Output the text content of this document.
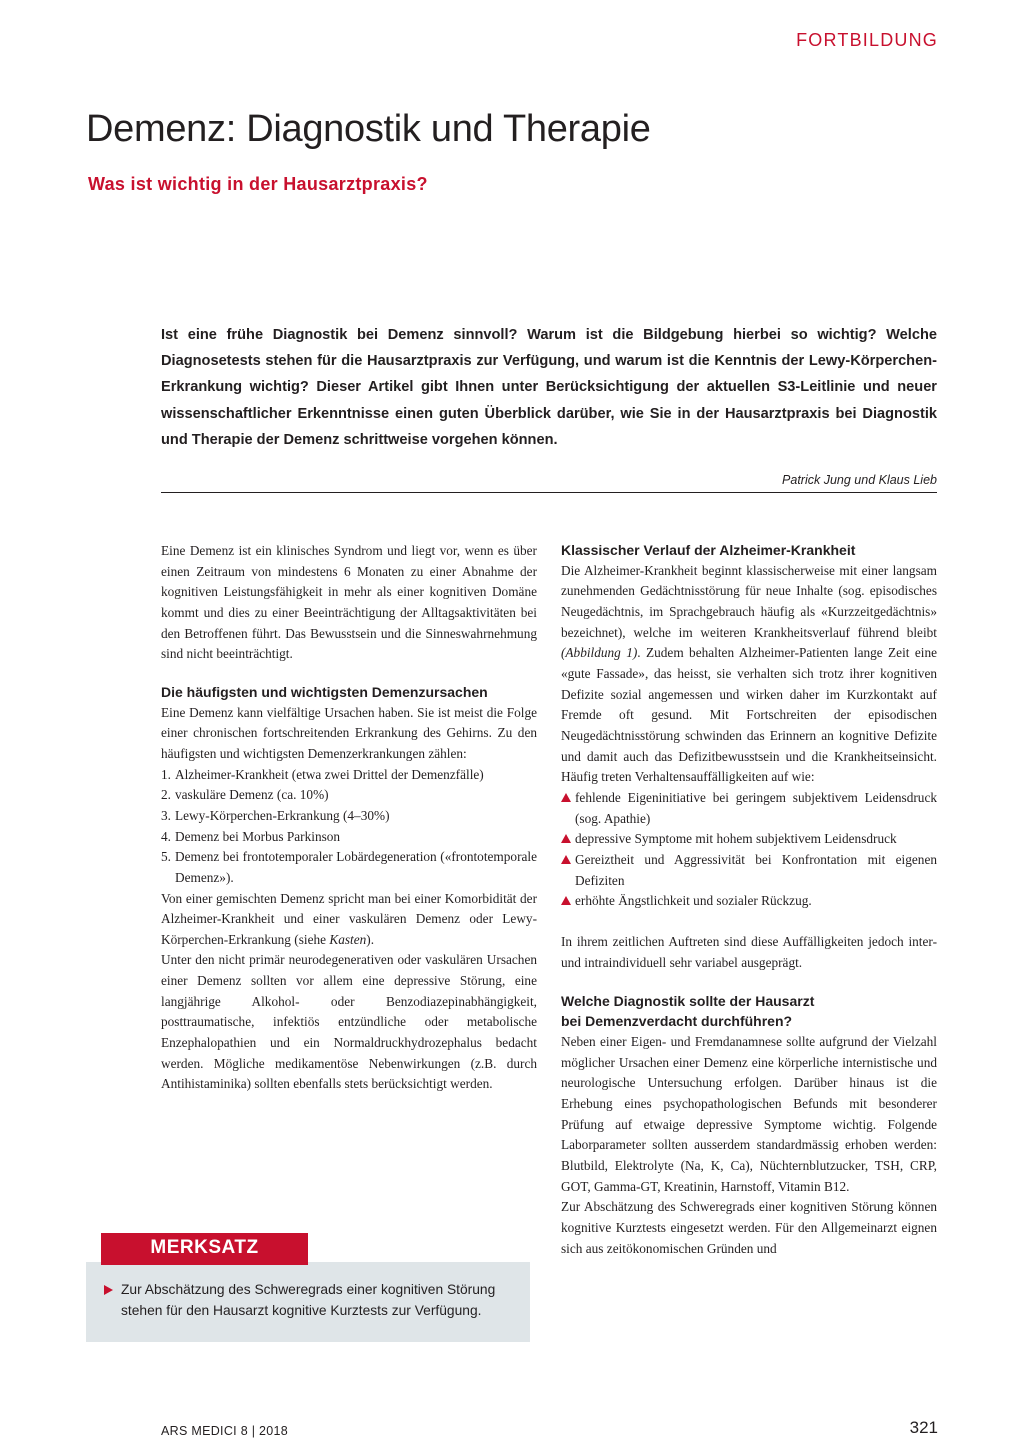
FORTBILDUNG
Demenz: Diagnostik und Therapie
Was ist wichtig in der Hausarztpraxis?

Ist eine frühe Diagnostik bei Demenz sinnvoll? Warum ist die Bildgebung hierbei so wichtig? Welche Diagnosetests stehen für die Hausarztpraxis zur Verfügung, und warum ist die Kenntnis der Lewy-Körperchen-Erkrankung wichtig? Dieser Artikel gibt Ihnen unter Berücksichtigung der aktuellen S3-Leitlinie und neuer wissenschaftlicher Erkenntnisse einen guten Überblick darüber, wie Sie in der Hausarztpraxis bei Diagnostik und Therapie der Demenz schrittweise vorgehen können.

Patrick Jung und Klaus Lieb

Eine Demenz ist ein klinisches Syndrom und liegt vor, wenn es über einen Zeitraum von mindestens 6 Monaten zu einer Abnahme der kognitiven Leistungsfähigkeit in mehr als einer kognitiven Domäne kommt und dies zu einer Beeinträchtigung der Alltagsaktivitäten bei den Betroffenen führt. Das Bewusstsein und die Sinneswahrnehmung sind nicht beeinträchtigt.

Die häufigsten und wichtigsten Demenzursachen

Eine Demenz kann vielfältige Ursachen haben. Sie ist meist die Folge einer chronischen fortschreitenden Erkrankung des Gehirns. Zu den häufigsten und wichtigsten Demenzerkrankungen zählen:

1. Alzheimer-Krankheit (etwa zwei Drittel der Demenzfälle)
2. vaskuläre Demenz (ca. 10%)
3. Lewy-Körperchen-Erkrankung (4–30%)
4. Demenz bei Morbus Parkinson
5. Demenz bei frontotemporaler Lobärdegeneration («frontotemporale Demenz»).

Von einer gemischten Demenz spricht man bei einer Komorbidität der Alzheimer-Krankheit und einer vaskulären Demenz oder Lewy-Körperchen-Erkrankung (siehe Kasten).

Unter den nicht primär neurodegenerativen oder vaskulären Ursachen einer Demenz sollten vor allem eine depressive Störung, eine langjährige Alkohol- oder Benzodiazepinabhängigkeit, posttraumatische, infektiös entzündliche oder metabolische Enzephalopathien und ein Normaldruckhydrozephalus bedacht werden. Mögliche medikamentöse Nebenwirkungen (z.B. durch Antihistaminika) sollten ebenfalls stets berücksichtigt werden.

Klassischer Verlauf der Alzheimer-Krankheit

Die Alzheimer-Krankheit beginnt klassischerweise mit einer langsam zunehmenden Gedächtnisstörung für neue Inhalte (sog. episodisches Neugedächtnis, im Sprachgebrauch häufig als «Kurzzeitgedächtnis» bezeichnet), welche im weiteren Krankheitsverlauf führend bleibt (Abbildung 1). Zudem behalten Alzheimer-Patienten lange Zeit eine «gute Fassade», das heisst, sie verhalten sich trotz ihrer kognitiven Defizite sozial angemessen und wirken daher im Kurzkontakt auf Fremde oft gesund. Mit Fortschreiten der episodischen Neugedächtnisstörung schwinden das Erinnern an kognitive Defizite und damit auch das Defizitbewusstsein und die Krankheitseinsicht. Häufig treten Verhaltensauffälligkeiten auf wie:

fehlende Eigeninitiative bei geringem subjektivem Leidensdruck (sog. Apathie)
depressive Symptome mit hohem subjektivem Leidensdruck
Gereiztheit und Aggressivität bei Konfrontation mit eigenen Defiziten
erhöhte Ängstlichkeit und sozialer Rückzug.

In ihrem zeitlichen Auftreten sind diese Auffälligkeiten jedoch inter- und intraindividuell sehr variabel ausgeprägt.

Welche Diagnostik sollte der Hausarzt
bei Demenzverdacht durchführen?

Neben einer Eigen- und Fremdanamnese sollte aufgrund der Vielzahl möglicher Ursachen einer Demenz eine körperliche internistische und neurologische Untersuchung erfolgen. Darüber hinaus ist die Erhebung eines psychopathologischen Befunds mit besonderer Prüfung auf etwaige depressive Symptome wichtig. Folgende Laborparameter sollten ausserdem standardmässig erhoben werden: Blutbild, Elektrolyte (Na, K, Ca), Nüchternblutzucker, TSH, CRP, GOT, Gamma-GT, Kreatinin, Harnstoff, Vitamin B12.

Zur Abschätzung des Schweregrads einer kognitiven Störung können kognitive Kurztests eingesetzt werden. Für den Allgemeinarzt eignen sich aus zeitökonomischen Gründen und

MERKSATZ

Zur Abschätzung des Schweregrads einer kognitiven Störung stehen für den Hausarzt kognitive Kurztests zur Verfügung.

ARS MEDICI 8 | 2018	321
